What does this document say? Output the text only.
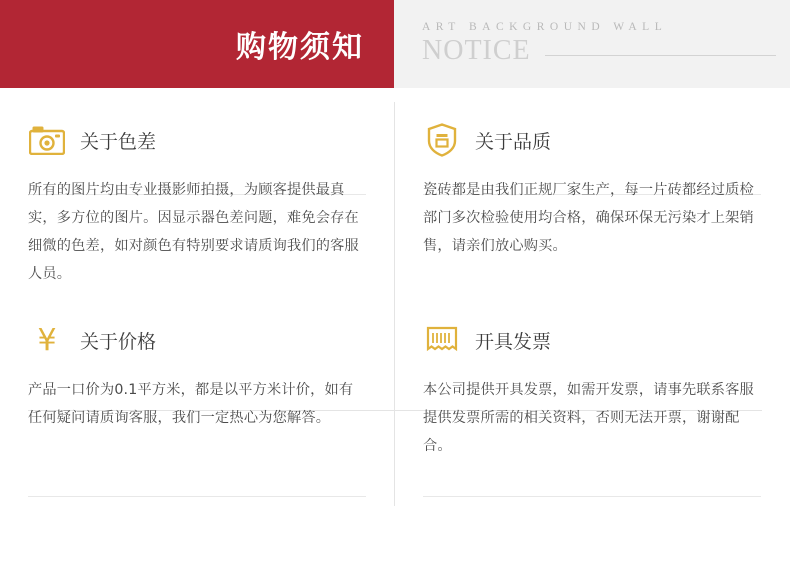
购物须知
ART BACKGROUND WALL
NOTICE
关于色差

所有的图片均由专业摄影师拍摄，为顾客提供最真实，多方位的图片。因显示器色差问题，难免会存在细微的色差，如对颜色有特别要求请质询我们的客服人员。

关于品质

瓷砖都是由我们正规厂家生产，每一片砖都经过质检部门多次检验使用均合格，确保环保无污染才上架销售，请亲们放心购买。

¥ 关于价格

产品一口价为0.1平方米，都是以平方米计价，如有任何疑问请质询客服，我们一定热心为您解答。

开具发票

本公司提供开具发票，如需开发票，请事先联系客服提供发票所需的相关资料，否则无法开票，谢谢配合。
